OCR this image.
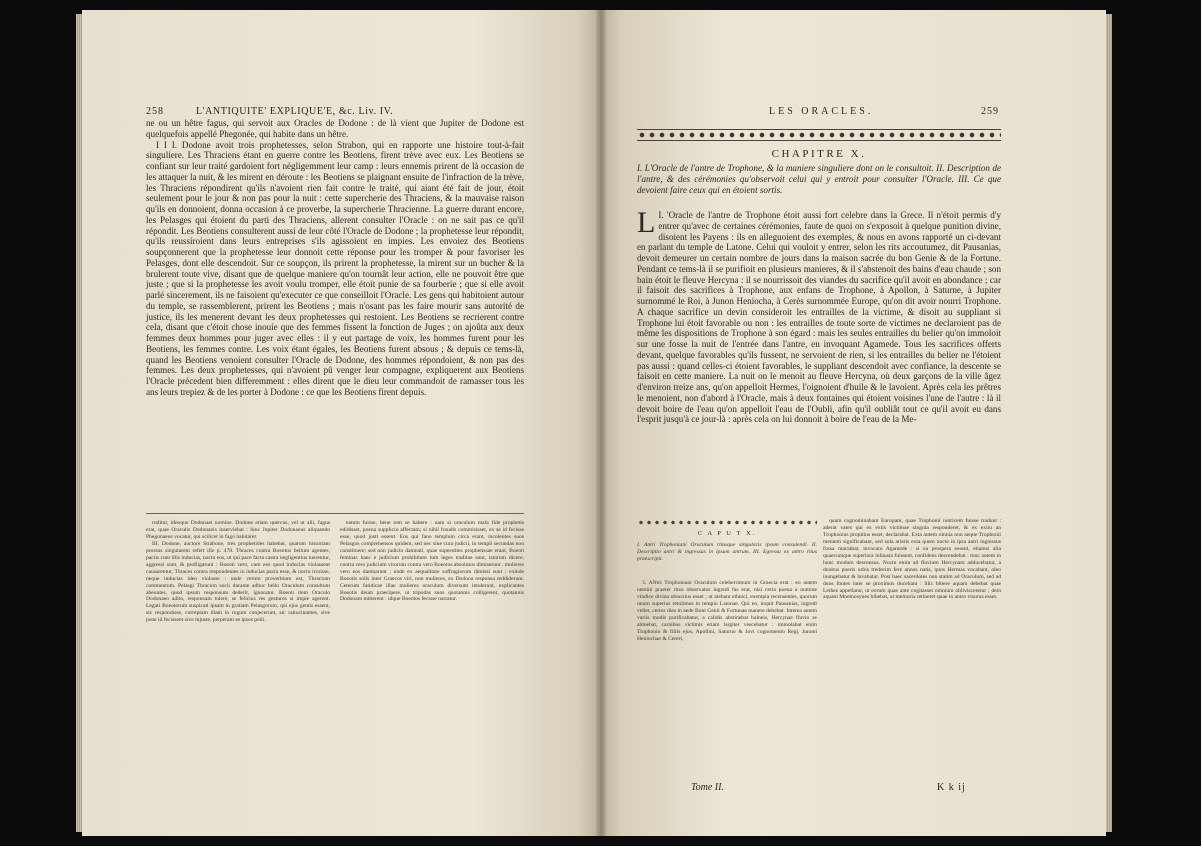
258	L'ANTIQUITE' EXPLIQUE'E, &c. Liv. IV.

ne ou un hêtre fagus, qui servoit aux Oracles de Dodone : de là vient que Jupiter de Dodone est quelquefois appellé Phegonée, qui habite dans un hêtre.

I I I. Dodone avoit trois prophetesses, selon Strabon, qui en rapporte une histoire tout-à-fait singuliere. Les Thraciens étant en guerre contre les Beotiens, firent trève avec eux. Les Beotiens se confiant sur leur traité gardoient fort négligemment leur camp : leurs ennemis prirent de là occasion de les attaquer la nuit, & les mirent en déroute : les Beotiens se plaignant ensuite de l'infraction de la trève, les Thraciens répondirent qu'ils n'avoient rien fait contre le traité, qui aiant été fait de jour, étoit seulement pour le jour & non pas pour la nuit : cette supercherie des Thraciens, & la mauvaise raison qu'ils en donnoient, donna occasion à ce proverbe, la supercherie Thracienne. La guerre durant encore, les Pelasges qui étoient du parti des Thraciens, allerent consulter l'Oracle : on ne sait pas ce qu'il répondit. Les Beotiens consulterent aussi de leur côté l'Oracle de Dodone ; la prophetesse leur répondit, qu'ils reussiroient dans leurs entreprises s'ils agissoient en impies. Les envoiez des Beotiens soupçonnerent que la prophetesse leur donnoit cette réponse pour les tromper & pour favoriser les Pelasges, dont elle descendoit. Sur ce soupçon, ils prirent la prophetesse, la mirent sur un bucher & la brulerent toute vive, disant que de quelque maniere qu'on tournât leur action, elle ne pouvoit être que juste ; que si la prophetesse les avoit voulu tromper, elle étoit punie de sa fourberie ; que si elle avoit parlé sincerement, ils ne faisoient qu'executer ce que conseilloit l'Oracle. Les gens qui habitoient autour du temple, se rassemblerent, prirent les Beotiens ; mais n'osant pas les faire mourir sans autorité de justice, ils les menerent devant les deux prophetesses qui restoient. Les Beotiens se recrierent contre cela, disant que c'étoit chose inouie que des femmes fissent la fonction de Juges ; on ajoûta aux deux femmes deux hommes pour juger avec elles : il y eut partage de voix, les hommes furent pour les Beotiens, les femmes contre. Les voix étant égales, les Beotiens furent absous ; & depuis ce tems-là, quand les Beotiens venoient consulter l'Oracle de Dodone, des hommes répondoient, & non pas des femmes. Les deux prophetesses, qui n'avoient pû venger leur compagne, expliquerent aux Beotiens l'Oracle précedent bien differemment : elles dirent que le dieu leur commandoit de ramasser tous les ans leurs trepiez & de les porter à Dodone : ce que les Beotiens firent depuis.

ruditur, ideoque Dodonaei nomine. Dodone etiam quercus, vel ut alii, fagus erat, quae Oraculis Dodonaeis inserviebat : hinc Jupiter Dodonaeus aliquando Phegonaeus vocatur, qui scilicet in fago habitaret.

III. Dodone, auctore Strabone, tres prophetides habebat, quarum historiam prorsus singularem refert ille p. 478. Thraces contra Boeotos bellum agentes, pactis cum illis inducias, noctu eos, ut qui pace facta castra negligentius tuerentur, aggressi sunt, & profligarunt : Boeoti vero, cum eos quod inducias violassent causarentur, Thraces contra respondentes in inducias pacta esse, & noctu irruisse, neque inducias ideo violasse : unde verum proverbium est, Thracium commentum. Pelasgi Thracum socii durante adhuc bello Oraculum consultum abeuntes, quod ipsum responsum dederit, ignoratur. Boeoti item Oraculo Dodonaeo adito, responsum tulere, se felicius res gesturos si impie agerent. Legati Boeotorum suspicati ipsam in gratiam Pelasgorum, qui ejus gentis essent, sic respondisse, correptam illam in rogum conjecerunt, sic ratiocinantes, sive juste id fecissent sive injuste, perperam se ipsos pelli.

eatum fuisse, bene rem se habere : nam si oraculum mala fide prophetis edidisset, poena supplicio affectam; si nihil fraudis commisisset, ex se id fecisse esse, quod justi essent. Eos qui fano templum circa erant, incolentes suos Pelasgos comprehensos quidem, sed nec sine cura judicii, in templi secundas non constituere; sed non judicio damnati, quae superstites prophetissae erant, Boeoti feminas haec e judicium prohibitum tum leges traditae sunt, istorum dicere, contra vero judicium virorum contra vero Boeotos absolutos dimiserunt : mulieres vero eos damnarunt ; unde ex aequalitate suffragiorum dimissi sunt : exinde Boeotis solis inter Graecos viri, non mulieres, ex Dodona responsa reddiderunt. Ceterum fatidicae illae mulieres oraculum diversum intulerunt, explicantes Boeotis deum praecipere, ut tripodas suos quotannis colligerent, quotannis Dodonam mitterent : idque Boeotos fecisse narratur.

LES ORACLES.	259
CHAPITRE X.
I. L'Oracle de l'antre de Trophone, & la maniere singuliere dont on le consultoit. II. Description de l'antre, & des cérémonies qu'observoit celui qui y entroit pour consulter l'Oracle. III. Ce que devoient faire ceux qui en étoient sortis.

L I. 'Oracle de l'antre de Trophone étoit aussi fort celebre dans la Grece. Il n'étoit permis d'y entrer qu'avec de certaines cérémonies, faute de quoi on s'exposoit à quelque punition divine, disoient les Payens : ils en alleguoient des exemples, & nous en avons rapporté un ci-devant en parlant du temple de Latone. Celui qui vouloit y entrer, selon les rits accoutumez, dit Pausanias, devoit demeurer un certain nombre de jours dans la maison sacrée du bon Genie & de la Fortune. Pendant ce tems-là il se purifioit en plusieurs manieres, & il s'abstenoit des bains d'eau chaude ; son bain étoit le fleuve Hercyna : il se nourrissoit des viandes du sacrifice qu'il avoit en abondance ; car il faisoit des sacrifices à Trophone, aux enfans de Trophone, à Apollon, à Saturne, à Jupiter surnommé le Roi, à Junon Heniocha, à Cerès surnommée Europe, qu'on dit avoir nourri Trophone. A chaque sacrifice un devin consideroit les entrailles de la victime, & disoit au suppliant si Trophone lui étoit favorable ou non : les entrailles de toute sorte de victimes ne declaroient pas de même les dispositions de Trophone à son égard : mais les seules entrailles du belier qu'on immoloit sur une fosse la nuit de l'entrée dans l'antre, en invoquant Agamede. Tous les sacrifices offerts devant, quelque favorables qu'ils fussent, ne servoient de rien, si les entrailles du belier ne l'étoient pas aussi : quand celles-ci étoient favorables, le suppliant descendoit avec confiance, la descente se faisoit en cette maniere. La nuit on le menoit au fleuve Hercyna, où deux garçons de la ville âgez d'environ treize ans, qu'on appelloit Hermes, l'oignoient d'huile & le lavoient. Après cela les prêtres le menoient, non d'abord à l'Oracle, mais à deux fontaines qui étoient voisines l'une de l'autre : là il devoit boire de l'eau qu'on appelloit l'eau de l'Oubli, afin qu'il oubliât tout ce qu'il avoit eu dans l'esprit jusqu'à ce jour-là : après cela on lui donnoit à boire de l'eau de la Me-

C A P U T X.
I. Antri Trophoniani Oraculum ritusque singularis ipsum consulendi. II. Descriptio antri & ingressus in ipsum antrum. III. Egressu ex antro ritus praescripti.

I. ANtri Trophoniani Oraculum celeberrimum in Graecia erat : eo autem nemini praeter ritus observatos ingredi fas erat, nisi certa poena a numine vindice divina obnoxius esset ; ut aiebant ethnici, exempla recensentes, quorum unum superius retulimus in templo Latonae. Qui eo, inquit Pausanias, ingredi vellet, certos dies in aede Boni Genii & Fortunae manere debebat. Interea autem variis modis purificabatur, a calidis abstinebat balneis, Hercynae fluvio se abluebat, carnibus victimis etiam largiter vescebatur : immolabat enim Trophonio & filiis ejus, Apollini, Saturno & Jovi cognomento Regi, Junoni Heniochae & Cereri,

quam cognominabant Europam, quae Trophonii nutricem fuisse tradunt : aderat vates qui ex extis victimae singula responderet, & ex exitu an Trophonius propitius esset, declarabat. Exta autem omnia non aeque Trophonii mentem significabant, sed sola arietis exta quem nocte in ipsa antri ingressus fossa mactabat, invocato Agamede : si ea prospera essent, etiamsi alia quaecumque superiora infausta fuissent, confidens descendebat : tunc autem in hunc modum descensus. Noctu enim ad fluvium Hercynam adducebatur, a duobus pueris urbis tredecim fere annos natis, quos Hermas vocabant, oleo inungebatur & lavabatur. Post haec sacerdotes non statim ad Oraculum, sed ad duos fontes inter se proximos ducebant : illic bibere aquam debebat quae Lethes appellatur, ut eorum quae ante cogitasset omnium oblivisceretur ; dein aquam Mnemosynes bibebat, ut memoria retineret quae in antro visurus esset.

Tome II.	K k ij
